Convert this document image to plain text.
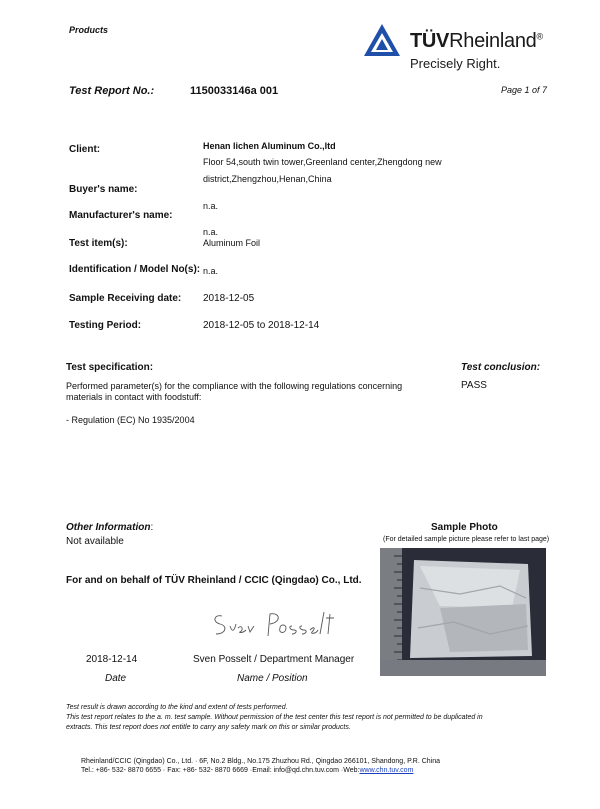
Products	TÜVRheinland®
Precisely Right.
Test Report No.:	1150033146a 001	Page 1 of 7
Client:	Henan lichen Aluminum Co.,ltd
Floor 54,south twin tower,Greenland center,Zhengdong new
district,Zhengzhou,Henan,China
Buyer's name:
n.a.
Manufacturer's name:
n.a.
Test item(s):	Aluminum Foil
Identification / Model No(s): n.a.
Sample Receiving date: 2018-12-05
Testing Period:	2018-12-05 to 2018-12-14
Test specification:
Performed parameter(s) for the compliance with the following regulations concerning
materials in contact with foodstuff:
- Regulation (EC) No 1935/2004
Test conclusion:
PASS
Other Information:
Not available
Sample Photo
(For detailed sample picture please refer to last page)
For and on behalf of TÜV Rheinland / CCIC (Qingdao) Co., Ltd.
2018-12-14	Sven Posselt / Department Manager
Date	Name / Position
Test result is drawn according to the kind and extent of tests performed.
This test report relates to the a. m. test sample. Without permission of the test center this test report is not permitted to be duplicated in
extracts. This test report does not entitle to carry any safety mark on this or similar products.
Rheinland/CCIC (Qingdao) Co., Ltd. · 6F, No.2 Bldg., No.175 Zhuzhou Rd., Qingdao 266101, Shandong, P.R. China
Tel.: +86- 532- 8870 6655 · Fax: +86- 532- 8870 6669 ·Email: info@qd.chn.tuv.com ·Web:www.chn.tuv.com
